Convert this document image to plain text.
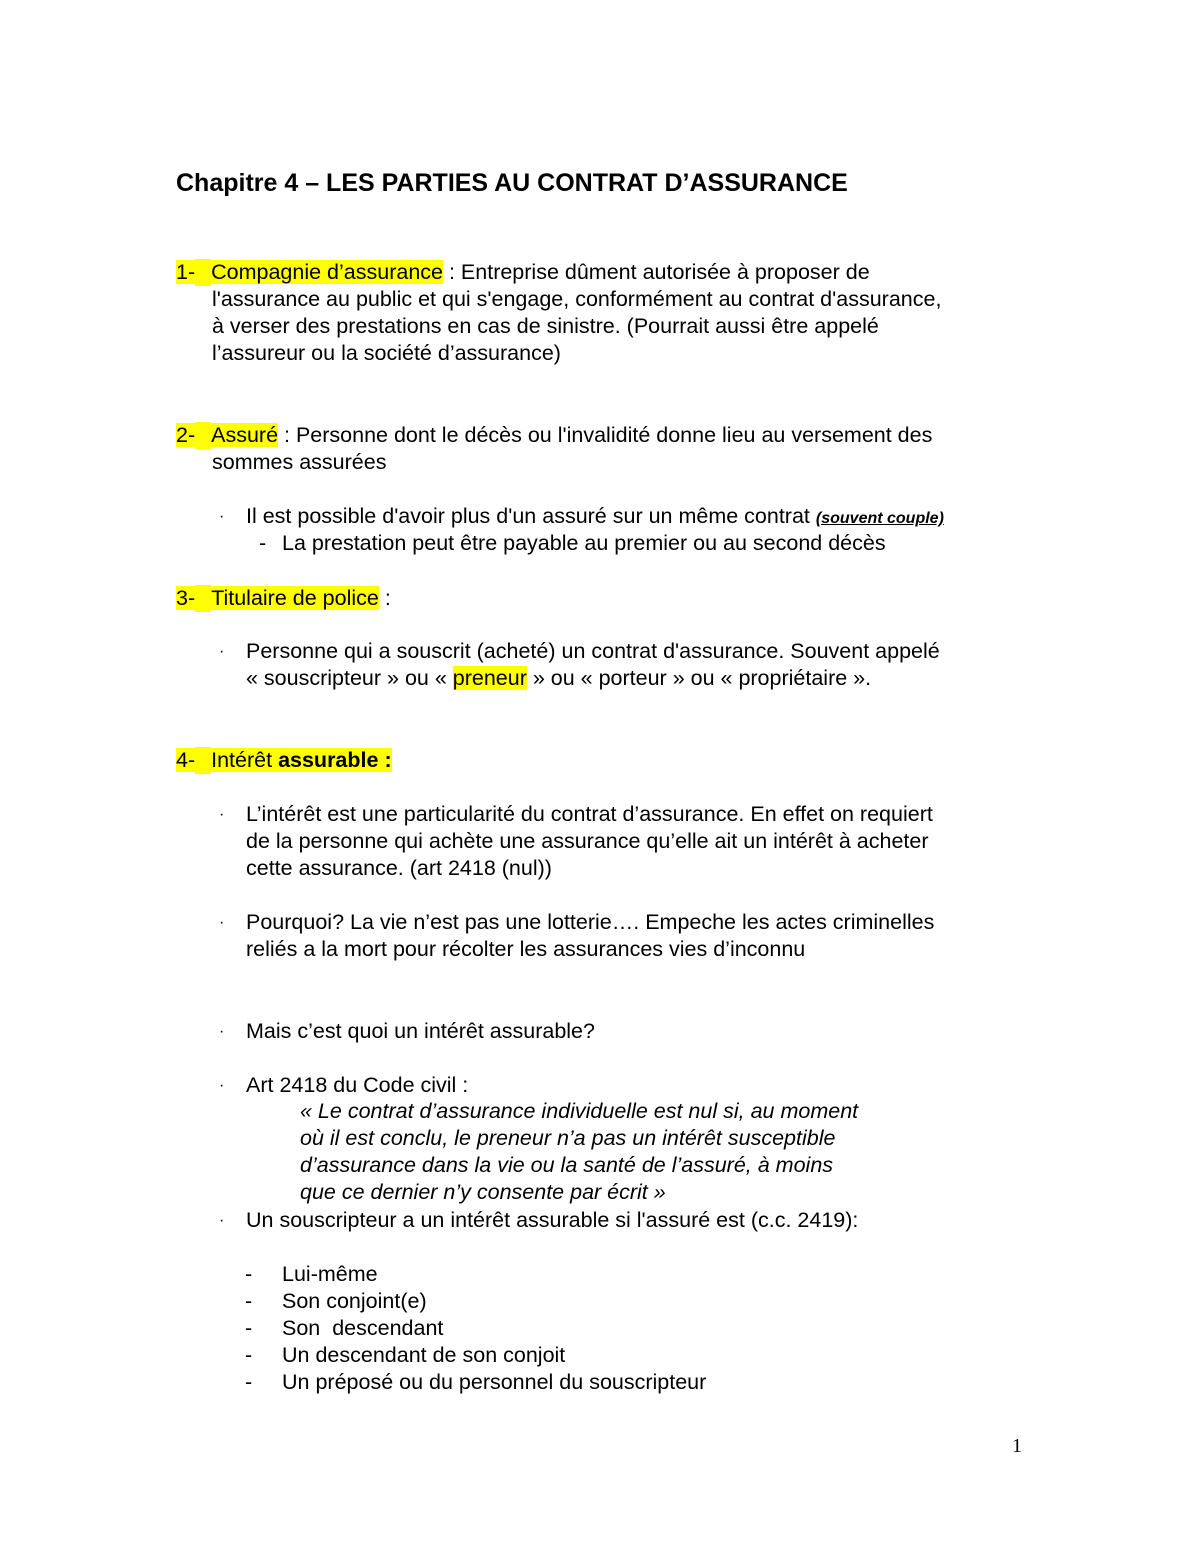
Chapitre 4 – LES PARTIES AU CONTRAT D’ASSURANCE
1- Compagnie d’assurance : Entreprise dûment autorisée à proposer de
l'assurance au public et qui s'engage, conformément au contrat d'assurance,
à verser des prestations en cas de sinistre. (Pourrait aussi être appelé
l’assureur ou la société d’assurance)
2- Assuré : Personne dont le décès ou l'invalidité donne lieu au versement des
sommes assurées
· Il est possible d'avoir plus d'un assuré sur un même contrat (souvent couple)
- La prestation peut être payable au premier ou au second décès
3- Titulaire de police :
· Personne qui a souscrit (acheté) un contrat d'assurance. Souvent appelé
« souscripteur » ou « preneur » ou « porteur » ou « propriétaire ».
4- Intérêt assurable :
· L’intérêt est une particularité du contrat d’assurance. En effet on requiert
de la personne qui achète une assurance qu’elle ait un intérêt à acheter
cette assurance. (art 2418 (nul))
· Pourquoi? La vie n’est pas une lotterie…. Empeche les actes criminelles
reliés a la mort pour récolter les assurances vies d’inconnu
· Mais c’est quoi un intérêt assurable?
· Art 2418 du Code civil :
« Le contrat d’assurance individuelle est nul si, au moment
où il est conclu, le preneur n’a pas un intérêt susceptible
d’assurance dans la vie ou la santé de l’assuré, à moins
que ce dernier n’y consente par écrit »
· Un souscripteur a un intérêt assurable si l'assuré est (c.c. 2419):
- Lui-même
- Son conjoint(e)
- Son  descendant
- Un descendant de son conjoit
- Un préposé ou du personnel du souscripteur
1
